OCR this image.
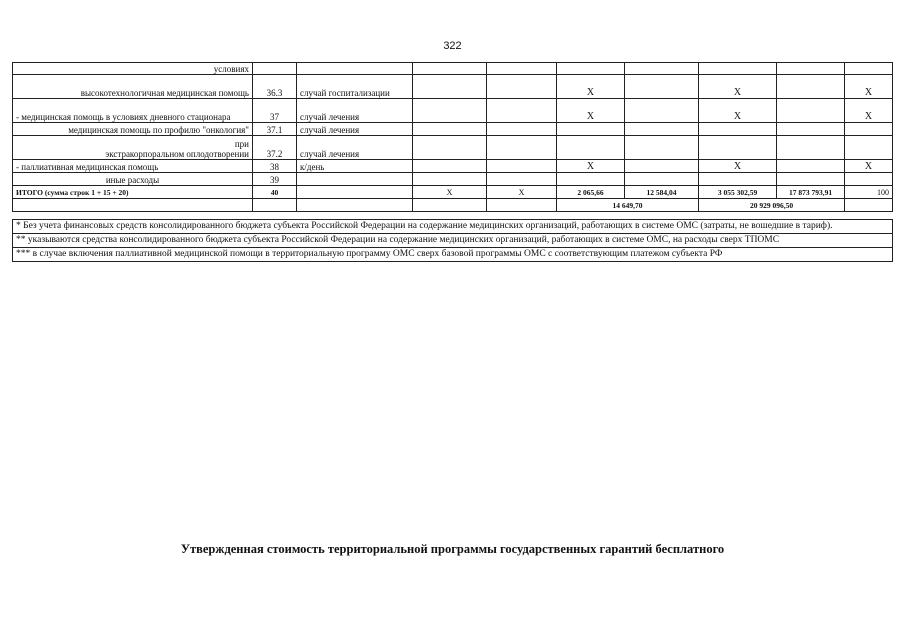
322
условиях									
высокотехнологичная медицинская помощь	36.3	случай госпитализации			Х		Х		Х
- медицинская помощь в условиях дневного стационара	37	случай лечения			Х		Х		Х
медицинская помощь по профилю "онкология"	37.1	случай лечения							

при
экстракорпоральном оплодотворении	37.2	случай лечения							
- паллиативная медицинская помощь	38	к/день			Х		Х		Х
иные расходы	39								
ИТОГО (сумма строк 1 + 15 + 20)	40		Х	Х	2 065,66	12 584,04	3 055 302,59	17 873 793,91	100
					14 649,70		20 929 096,50		
* Без учета финансовых средств консолидированного бюджета субъекта Российской Федерации на содержание медицинских организаций, работающих в системе ОМС (затраты, не вошедшие в тариф).
** указываются средства консолидированного бюджета субъекта Российской Федерации на содержание медицинских организаций, работающих в системе ОМС, на расходы сверх ТПОМС
*** в случае включения паллиативной медицинской помощи в территориальную программу ОМС сверх базовой программы ОМС с соответствующим платежом субъекта РФ
Утвержденная стоимость территориальной программы государственных гарантий бесплатного
